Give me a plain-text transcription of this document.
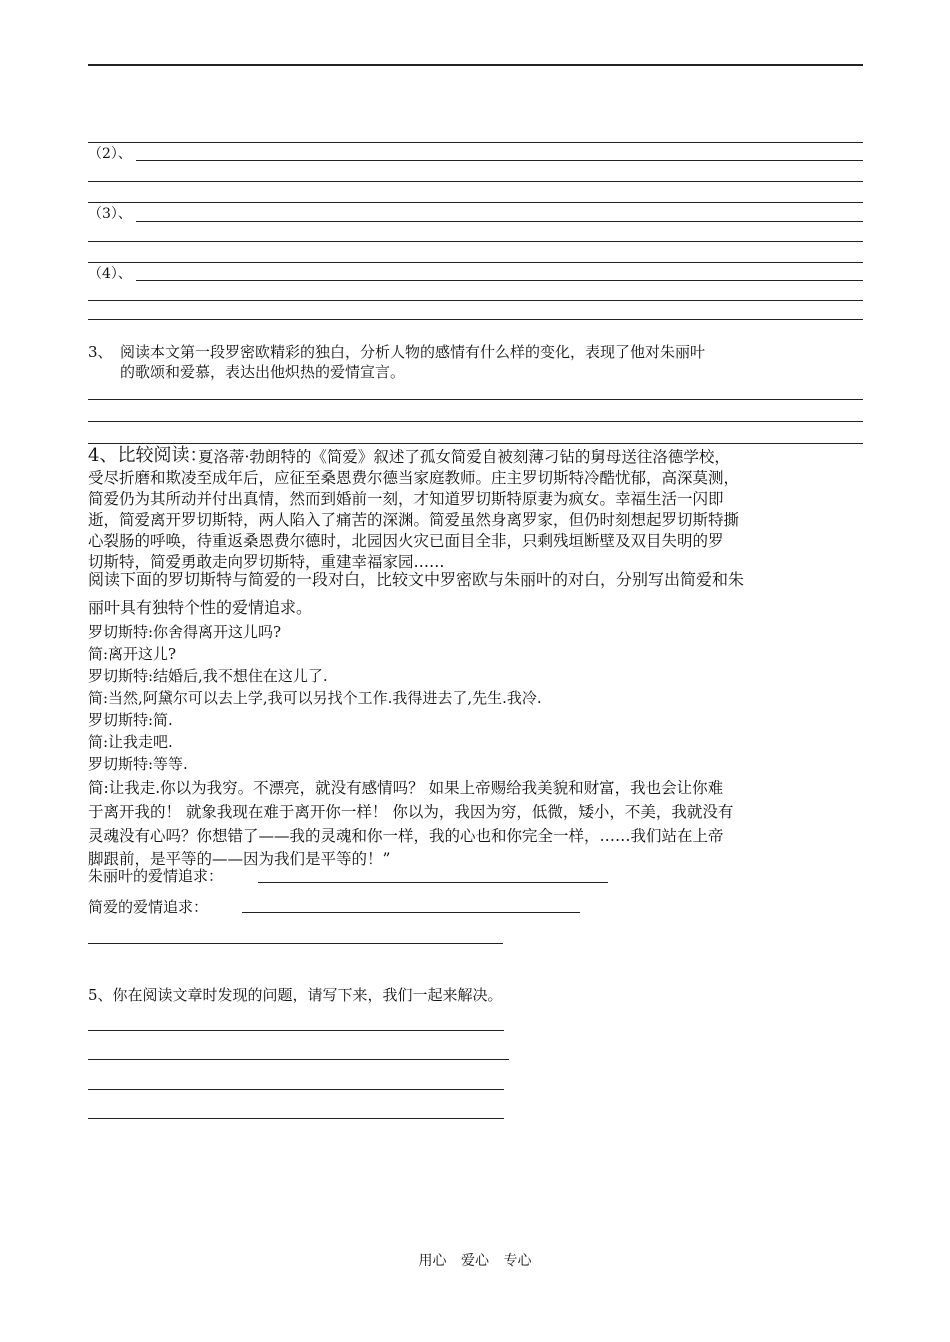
（2）、
（3）、
（4）、
3、 阅读本文第一段罗密欧精彩的独白，分析人物的感情有什么样的变化，表现了他对朱丽叶
的歌颂和爱慕，表达出他炽热的爱情宣言。
4、比较阅读：
夏洛蒂·勃朗特的《简爱》叙述了孤女简爱自被刻薄刁钻的舅母送往洛德学校，
受尽折磨和欺凌至成年后，应征至桑恩费尔德当家庭教师。庄主罗切斯特冷酷忧郁，高深莫测，
简爱仍为其所动并付出真情，然而到婚前一刻，才知道罗切斯特原妻为疯女。幸福生活一闪即
逝，简爱离开罗切斯特，两人陷入了痛苦的深渊。简爱虽然身离罗家，但仍时刻想起罗切斯特撕
心裂肠的呼唤，待重返桑恩费尔德时，北园因火灾已面目全非，只剩残垣断壁及双目失明的罗
切斯特，简爱勇敢走向罗切斯特，重建幸福家园……
阅读下面的罗切斯特与简爱的一段对白，比较文中罗密欧与朱丽叶的对白，分别写出简爱和朱
丽叶具有独特个性的爱情追求。
罗切斯特:你舍得离开这儿吗?
简:离开这儿?
罗切斯特:结婚后,我不想住在这儿了.
简:当然,阿黛尔可以去上学,我可以另找个工作.我得进去了,先生.我冷.
罗切斯特:简.
简:让我走吧.
罗切斯特:等等.
简:让我走.你以为我穷。不漂亮，就没有感情吗？ 如果上帝赐给我美貌和财富，我也会让你难
于离开我的！ 就象我现在难于离开你一样！ 你以为，我因为穷，低微，矮小，不美，我就没有
灵魂没有心吗？你想错了——我的灵魂和你一样，我的心也和你完全一样，……我们站在上帝
脚跟前，是平等的——因为我们是平等的！”
朱丽叶的爱情追求：
简爱的爱情追求：
5、你在阅读文章时发现的问题，请写下来，我们一起来解决。
用心 爱心 专心
